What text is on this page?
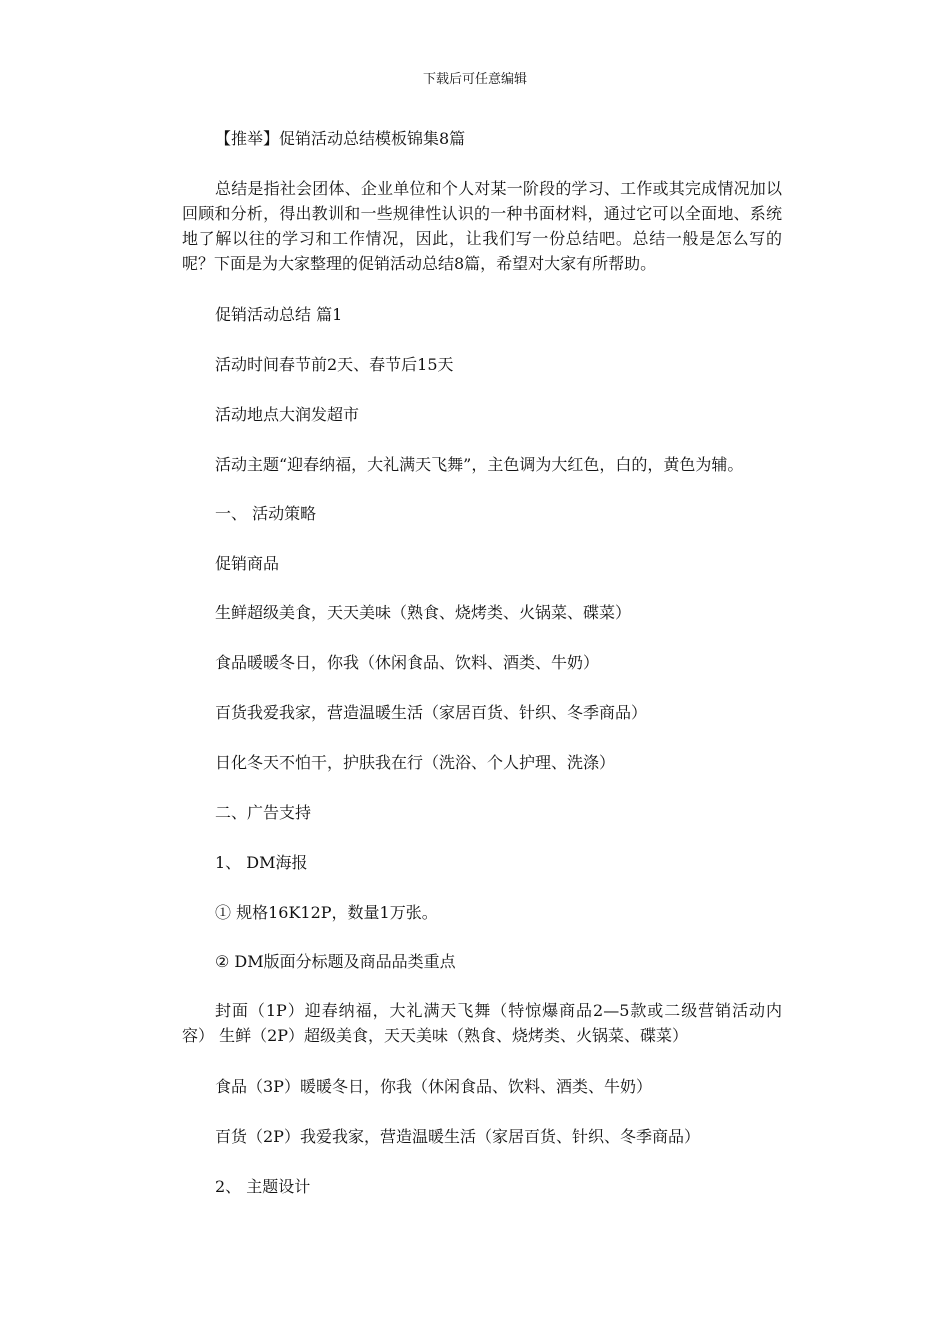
下载后可任意编辑
【推举】促销活动总结模板锦集8篇
总结是指社会团体、企业单位和个人对某一阶段的学习、工作或其完成情况加以回顾和分析，得出教训和一些规律性认识的一种书面材料，通过它可以全面地、系统地了解以往的学习和工作情况，因此，让我们写一份总结吧。总结一般是怎么写的呢？下面是为大家整理的促销活动总结8篇，希望对大家有所帮助。
促销活动总结 篇1
活动时间春节前2天、春节后15天
活动地点大润发超市
活动主题“迎春纳福，大礼满天飞舞”，主色调为大红色，白的，黄色为辅。
一、 活动策略
促销商品
生鲜超级美食，天天美味（熟食、烧烤类、火锅菜、碟菜）
食品暖暖冬日，你我（休闲食品、饮料、酒类、牛奶）
百货我爱我家，营造温暖生活（家居百货、针织、冬季商品）
日化冬天不怕干，护肤我在行（洗浴、个人护理、洗涤）
二、广告支持
1、 DM海报
① 规格16K12P，数量1万张。
② DM版面分标题及商品品类重点
封面（1P）迎春纳福，大礼满天飞舞（特惊爆商品2—5款或二级营销活动内容） 生鲜（2P）超级美食，天天美味（熟食、烧烤类、火锅菜、碟菜）
食品（3P）暖暖冬日，你我（休闲食品、饮料、酒类、牛奶）
百货（2P）我爱我家，营造温暖生活（家居百货、针织、冬季商品）
2、 主题设计
